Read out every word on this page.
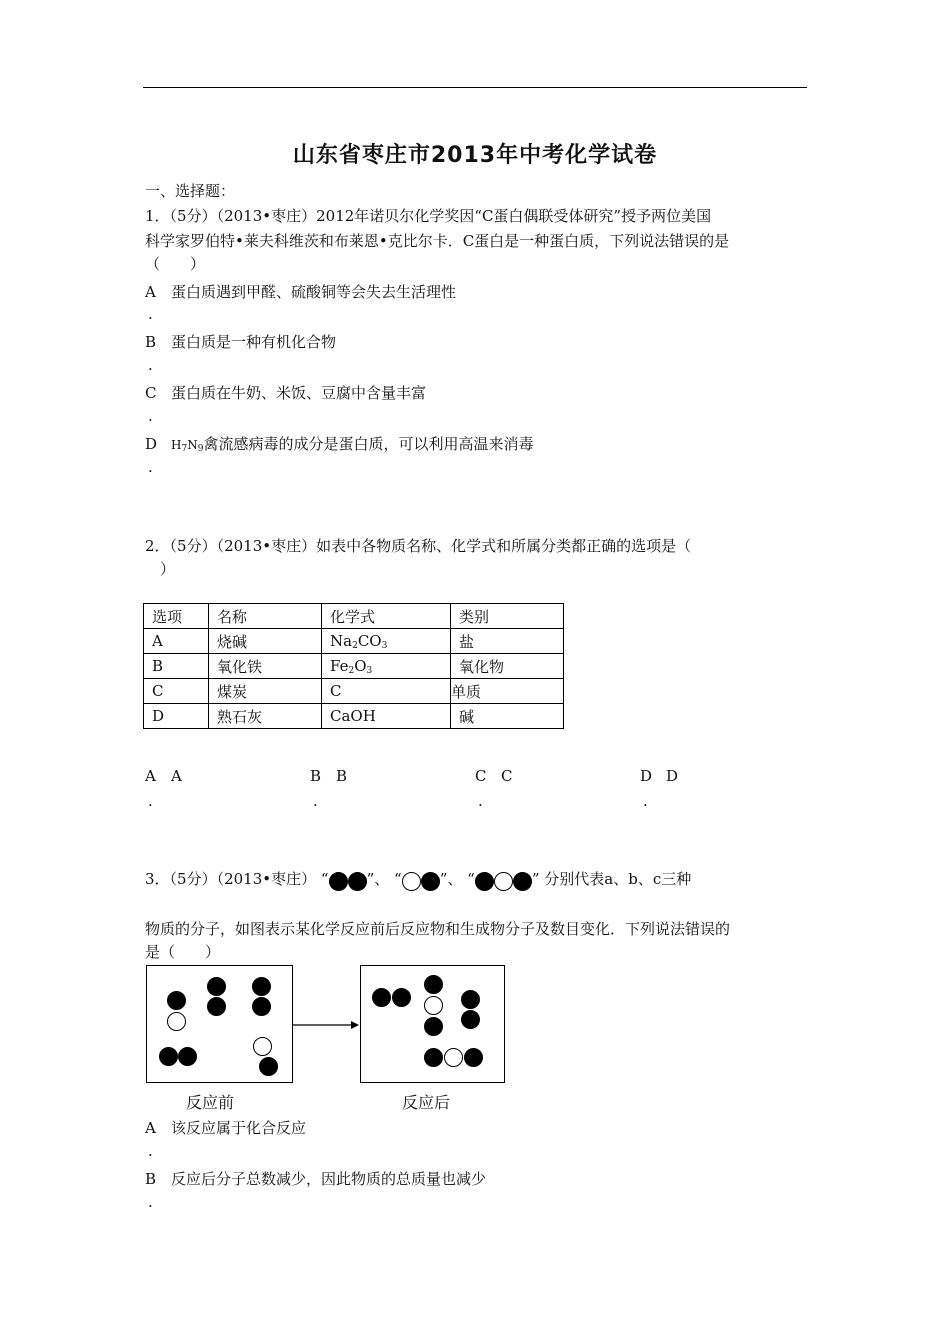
山东省枣庄市2013年中考化学试卷
一、选择题：
1．（5分）（2013•枣庄）2012年诺贝尔化学奖因“C蛋白偶联受体研究”授予两位美国
科学家罗伯特•莱夫科维茨和布莱恩•克比尔卡．C蛋白是一种蛋白质，下列说法错误的是
（　　）
A 蛋白质遇到甲醛、硫酸铜等会失去生活理性
.
B 蛋白质是一种有机化合物
.
C 蛋白质在牛奶、米饭、豆腐中含量丰富
.
D $H_7N_9$禽流感病毒的成分是蛋白质，可以利用高温来消毒
.
2．（5分）（2013•枣庄）如表中各物质名称、化学式和所属分类都正确的选项是（
）
选项	名称	化学式	类别
A	烧碱	$Na_2CO_3$	盐
B	氧化铁	$Fe_2O_3$	氧化物
C	煤炭	C	单质
D	熟石灰	CaOH	碱
A A	B B	C C	D D
.	.	.	.
3．（5分）（2013•枣庄） “	”、 “	”、 “	” 分别代表a、b、c三种
物质的分子，如图表示某化学反应前后反应物和生成物分子及数目变化．下列说法错误的
是（　　）
反应前	反应后
A 该反应属于化合反应
.
B 反应后分子总数减少，因此物质的总质量也减少
.
